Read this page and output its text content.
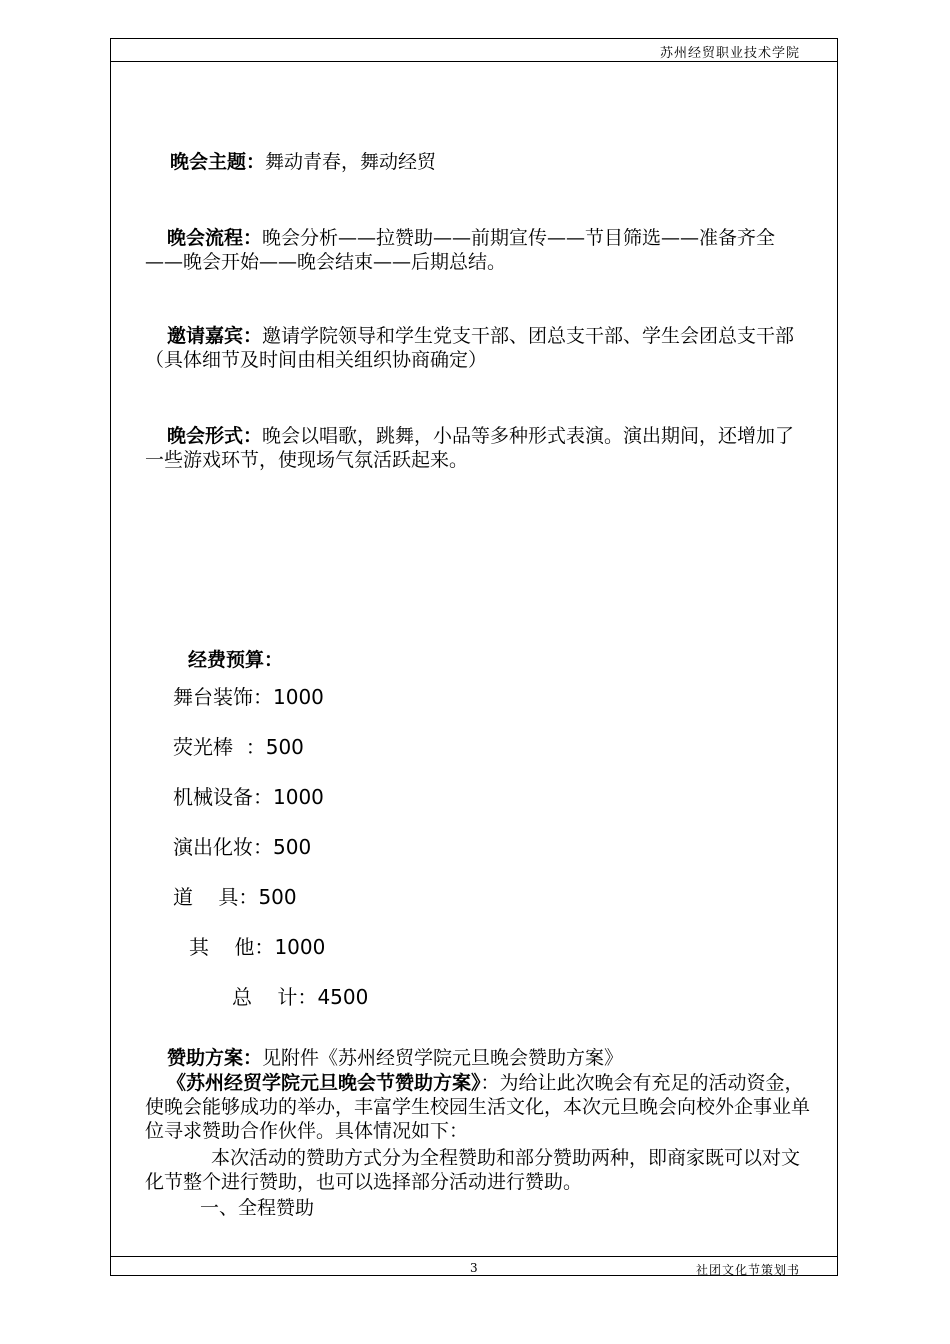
苏州经贸职业技术学院
晚会主题：舞动青春，舞动经贸
晚会流程：晚会分析——拉赞助——前期宣传——节目筛选——准备齐全——晚会开始——晚会结束——后期总结。
邀请嘉宾：邀请学院领导和学生党支干部、团总支干部、学生会团总支干部（具体细节及时间由相关组织协商确定）
晚会形式：晚会以唱歌，跳舞，小品等多种形式表演。演出期间，还增加了一些游戏环节，使现场气氛活跃起来。
经费预算：
舞台装饰：1000
荧光棒  ：500
机械设备：1000
演出化妆：500
道    具：500
其    他：1000
总    计：4500
赞助方案：见附件《苏州经贸学院元旦晚会赞助方案》
《苏州经贸学院元旦晚会节赞助方案》：为给让此次晚会有充足的活动资金，使晚会能够成功的举办，丰富学生校园生活文化，本次元旦晚会向校外企事业单位寻求赞助合作伙伴。具体情况如下：
本次活动的赞助方式分为全程赞助和部分赞助两种，即商家既可以对文化节整个进行赞助，也可以选择部分活动进行赞助。
一、全程赞助
3	社团文化节策划书
